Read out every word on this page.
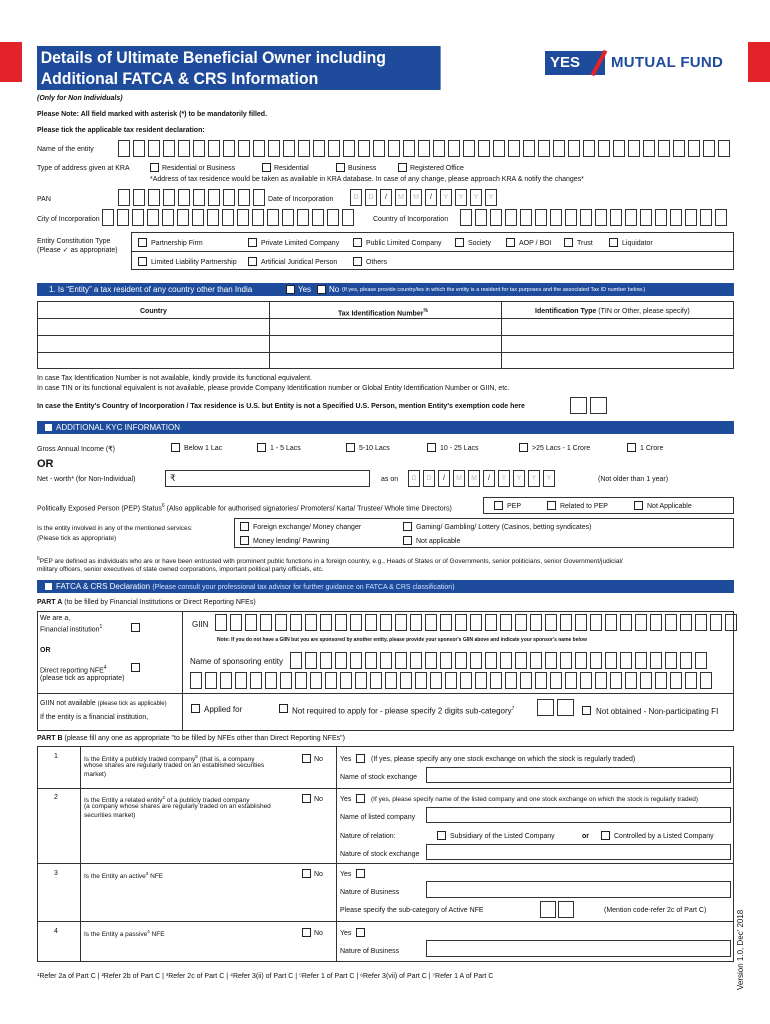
Details of Ultimate Beneficial Owner including
Additional FATCA & CRS Information
YES	MUTUAL FUND
(Only for Non Individuals)
Please Note: All field marked with asterisk (*) to be mandatorily filled.
Please tick the applicable tax resident declaration:
Name of the entity
Type of address given at KRA	Residential or Business	Residential	Business	Registered Office
*Address of tax residence would be taken as available in KRA database. In case of any change, please approach KRA & notify the changes*
PAN	Date of Incorporation	D	D	/	M	M	/	Y	Y	Y	Y
City of Incorporation	Country of Incorporation
Entity Constitution Type
(Please ✓ as appropriate)
Partnership Firm	Private Limited Company	Public Limited Company	Society	AOP / BOI	Trust	Liquidator
Limited Liability Partnership	Artificial Juridical Person	Others
1. Is “Entity” a tax resident of any country other than India	Yes No (If yes, please provide country/ies in which the entity is a resident for tax purposes and the associated Tax ID number below.)
Country	Tax Identification Number%	Identification Type (TIN or Other, please specify)
In case Tax Identification Number is not available, kindly provide its functional equivalent.
In case TIN or its functional equivalent is not available, please provide Company Identification number or Global Entity Identification Number or GIIN, etc.
In case the Entity's Country of Incorporation / Tax residence is U.S. but Entity is not a Specified U.S. Person, mention Entity's exemption code here
ADDITIONAL KYC INFORMATION
Gross Annual Income (₹)	Below 1 Lac	1 - 5 Lacs	5-10 Lacs	10 - 25 Lacs	>25 Lacs - 1 Crore	1 Crore
OR
Net - worth* (for Non-Individual)	₹	as on	D	D	/	M	M	/	Y	Y	Y	Y	(Not older than 1 year)
Politically Exposed Person (PEP) Status$^6$ (Also applicable for authorised signatories/ Promoters/ Karta/ Trustee/ Whole time Directors)	PEP	Related to PEP	Not Applicable
Is the entity involved in any of the mentioned services:
(Please tick as appropriate)
Foreign exchange/ Money changer	Gaming/ Gambling/ Lottery (Casinos, betting syndicates)
Money lending/ Pawning	Not applicable
$^6$PEP are defined as individuals who are or have been entrusted with prominent public functions in a foreign country, e.g., Heads of States or of Governments, senior politicians, senior Government/judicial/
military officers, senior executives of state owned corporations, important political party officials, etc.
FATCA & CRS Declaration (Please consult your professional tax advisor for further guidance on FATCA & CRS classification)
PART A (to be filled by Financial Institutions or Direct Reporting NFEs)
We are a,
Financial institution$^1$
OR
Direct reporting NFE$^4$
(please tick as appropriate)
GIIN
Note: If you do not have a GIIN but you are sponsored by another entity, please provide your sponsor's GIIN above and indicate your sponsor's name below
Name of sponsoring entity
GIIN not available (please tick as applicable)
If the entity is a financial institution,
Applied for	Not required to apply for - please specify 2 digits sub-category$^7$	Not obtained - Non-participating FI
PART B (please fill any one as appropriate "to be filled by NFEs other than Direct Reporting NFEs")
1	Is the Entity a publicly traded company$^5$ (that is, a company
whose shares are regularly traded on an established securities
market)
No Yes	(If yes, please specify any one stock exchange on which the stock is regularly traded)
Name of stock exchange
2	Is the Entity a related entity$^2$ of a publicly traded company
(a company whose shares are regularly traded on an established
securities market)
No Yes	(If yes, please specify name of the listed company and one stock exchange on which the stock is regularly traded)
Name of listed company
Nature of relation:	Subsidiary of the Listed Company	or	Controlled by a Listed Company
Nature of stock exchange
3	Is the Entity an active$^3$ NFE	No Yes
Nature of Business
Please specify the sub-category of Active NFE	(Mention code-refer 2c of Part C)
4	Is the Entity a passive$^4$ NFE	No Yes
Nature of Business
¹Refer 2a of Part C | ²Refer 2b of Part C | ³Refer 2c of Part C | ⁴Refer 3(ii) of Part C | ⁵Refer 1 of Part C | ⁶Refer 3(vii) of Part C | ⁷Refer 1 A of Part C	Version 1.0, Dec' 2018
